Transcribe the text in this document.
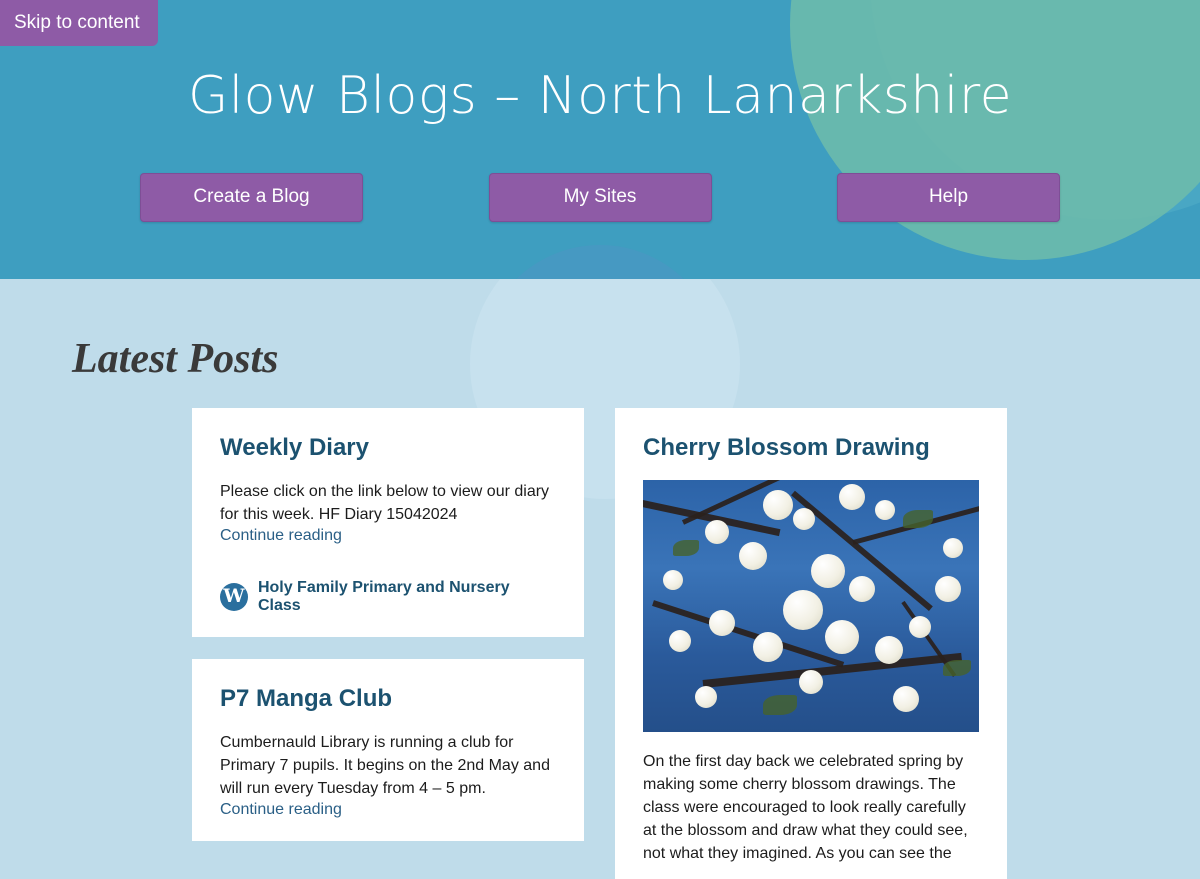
Skip to content
Glow Blogs – North Lanarkshire
Create a Blog	My Sites	Help
Latest Posts
Weekly Diary

Please click on the link below to view our diary for this week. HF Diary 15042024

Continue reading
W Holy Family Primary and Nursery Class
P7 Manga Club

Cumbernauld Library is running a club for Primary 7 pupils. It begins on the 2nd May and will run every Tuesday from 4 – 5 pm.

Continue reading
Cherry Blossom Drawing

On the first day back we celebrated spring by making some cherry blossom drawings. The class were encouraged to look really carefully at the blossom and draw what they could see, not what they imagined. As you can see the
